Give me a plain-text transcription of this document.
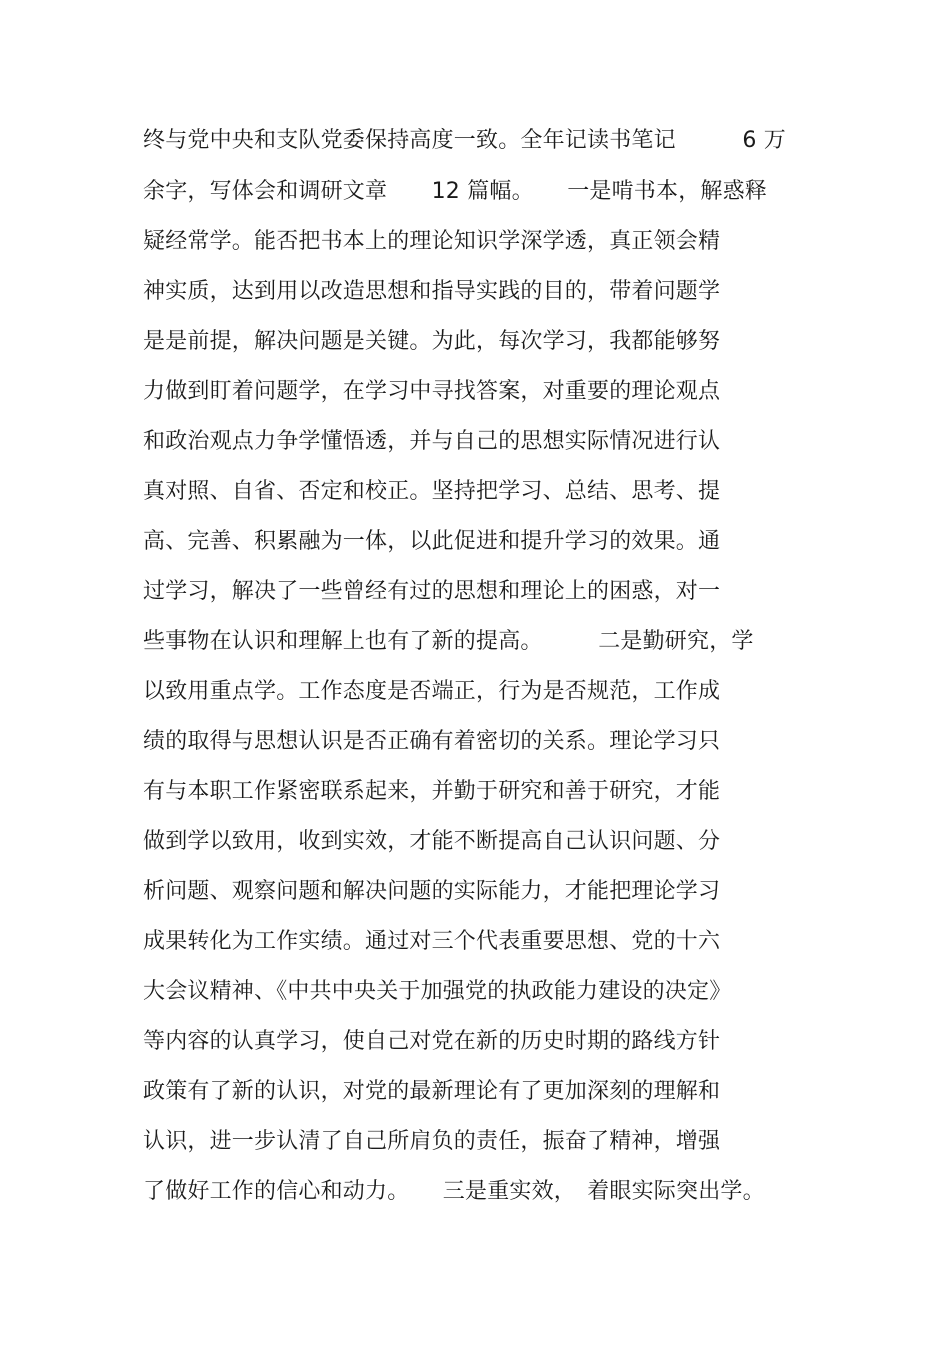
终与党中央和支队党委保持高度一致。全年记读书笔记　　　6 万
余字，写体会和调研文章　　12 篇幅。　　一是啃书本，解惑释
疑经常学。能否把书本上的理论知识学深学透，真正领会精
神实质，达到用以改造思想和指导实践的目的，带着问题学
是是前提，解决问题是关键。为此，每次学习，我都能够努
力做到盯着问题学，在学习中寻找答案，对重要的理论观点
和政治观点力争学懂悟透，并与自己的思想实际情况进行认
真对照、自省、否定和校正。坚持把学习、总结、思考、提
高、完善、积累融为一体，以此促进和提升学习的效果。通
过学习，解决了一些曾经有过的思想和理论上的困惑，对一
些事物在认识和理解上也有了新的提高。　　　二是勤研究，学
以致用重点学。工作态度是否端正，行为是否规范，工作成
绩的取得与思想认识是否正确有着密切的关系。理论学习只
有与本职工作紧密联系起来，并勤于研究和善于研究，才能
做到学以致用，收到实效，才能不断提高自己认识问题、分
析问题、观察问题和解决问题的实际能力，才能把理论学习
成果转化为工作实绩。通过对三个代表重要思想、党的十六
大会议精神、《中共中央关于加强党的执政能力建设的决定》
等内容的认真学习，使自己对党在新的历史时期的路线方针
政策有了新的认识，对党的最新理论有了更加深刻的理解和
认识，进一步认清了自己所肩负的责任，振奋了精神，增强
了做好工作的信心和动力。　　三是重实效，　着眼实际突出学。
